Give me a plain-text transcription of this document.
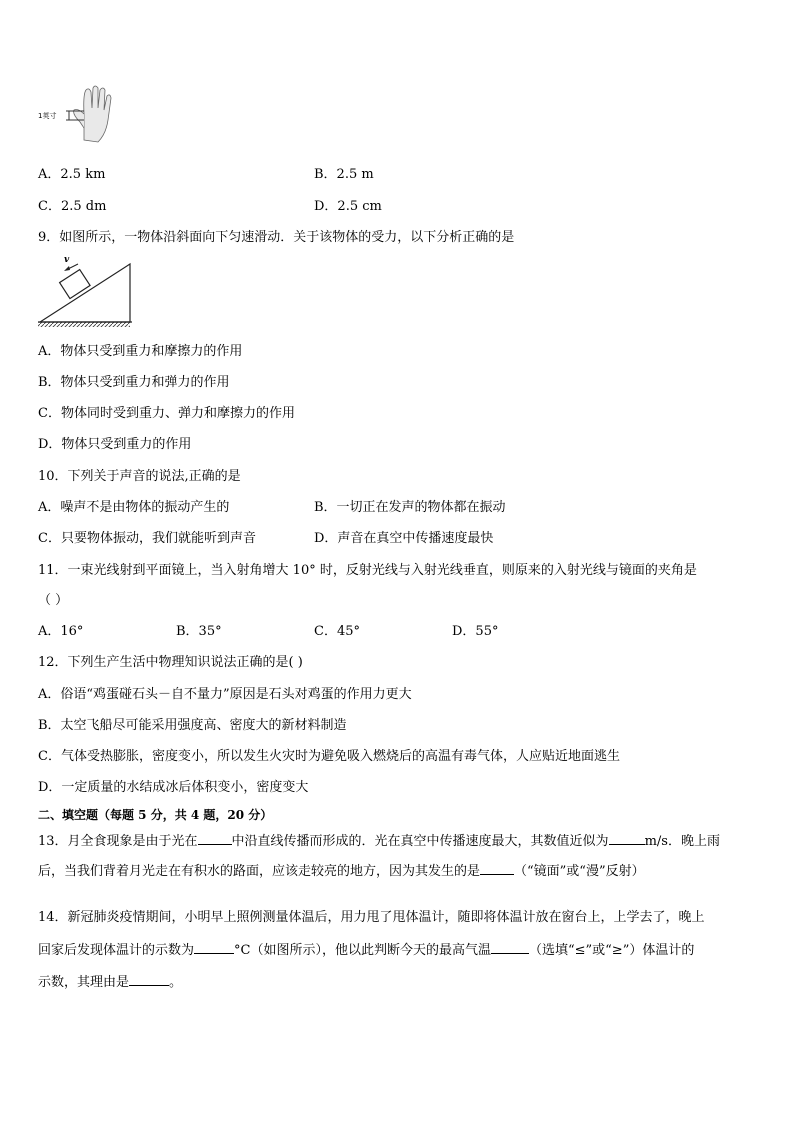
1英寸
A．2.5 km	B．2.5 m
C．2.5 dm	D．2.5 cm
9．如图所示，一物体沿斜面向下匀速滑动．关于该物体的受力，以下分析正确的是
v
A．物体只受到重力和摩擦力的作用
B．物体只受到重力和弹力的作用
C．物体同时受到重力、弹力和摩擦力的作用
D．物体只受到重力的作用
10．下列关于声音的说法,正确的是
A．噪声不是由物体的振动产生的	B．一切正在发声的物体都在振动
C．只要物体振动，我们就能听到声音	D．声音在真空中传播速度最快
11．一束光线射到平面镜上，当入射角增大 10° 时，反射光线与入射光线垂直，则原来的入射光线与镜面的夹角是
（ ）
A．16°	B．35°	C．45°	D．55°
12．下列生产生活中物理知识说法正确的是( )
A．俗语“鸡蛋碰石头－自不量力”原因是石头对鸡蛋的作用力更大
B．太空飞船尽可能采用强度高、密度大的新材料制造
C．气体受热膨胀，密度变小，所以发生火灾时为避免吸入燃烧后的高温有毒气体，人应贴近地面逃生
D．一定质量的水结成冰后体积变小，密度变大
二、填空题（每题 5 分，共 4 题，20 分）
13．月全食现象是由于光在	中沿直线传播而形成的．光在真空中传播速度最大，其数值近似为	m/s．晚上雨
后，当我们背着月光走在有积水的路面，应该走较亮的地方，因为其发生的是	（“镜面”或“漫”反射）
14．新冠肺炎疫情期间，小明早上照例测量体温后，用力甩了甩体温计，随即将体温计放在窗台上，上学去了，晚上
回家后发现体温计的示数为	°C（如图所示），他以此判断今天的最高气温	（选填“≤”或“≥”）体温计的
示数，其理由是	。
